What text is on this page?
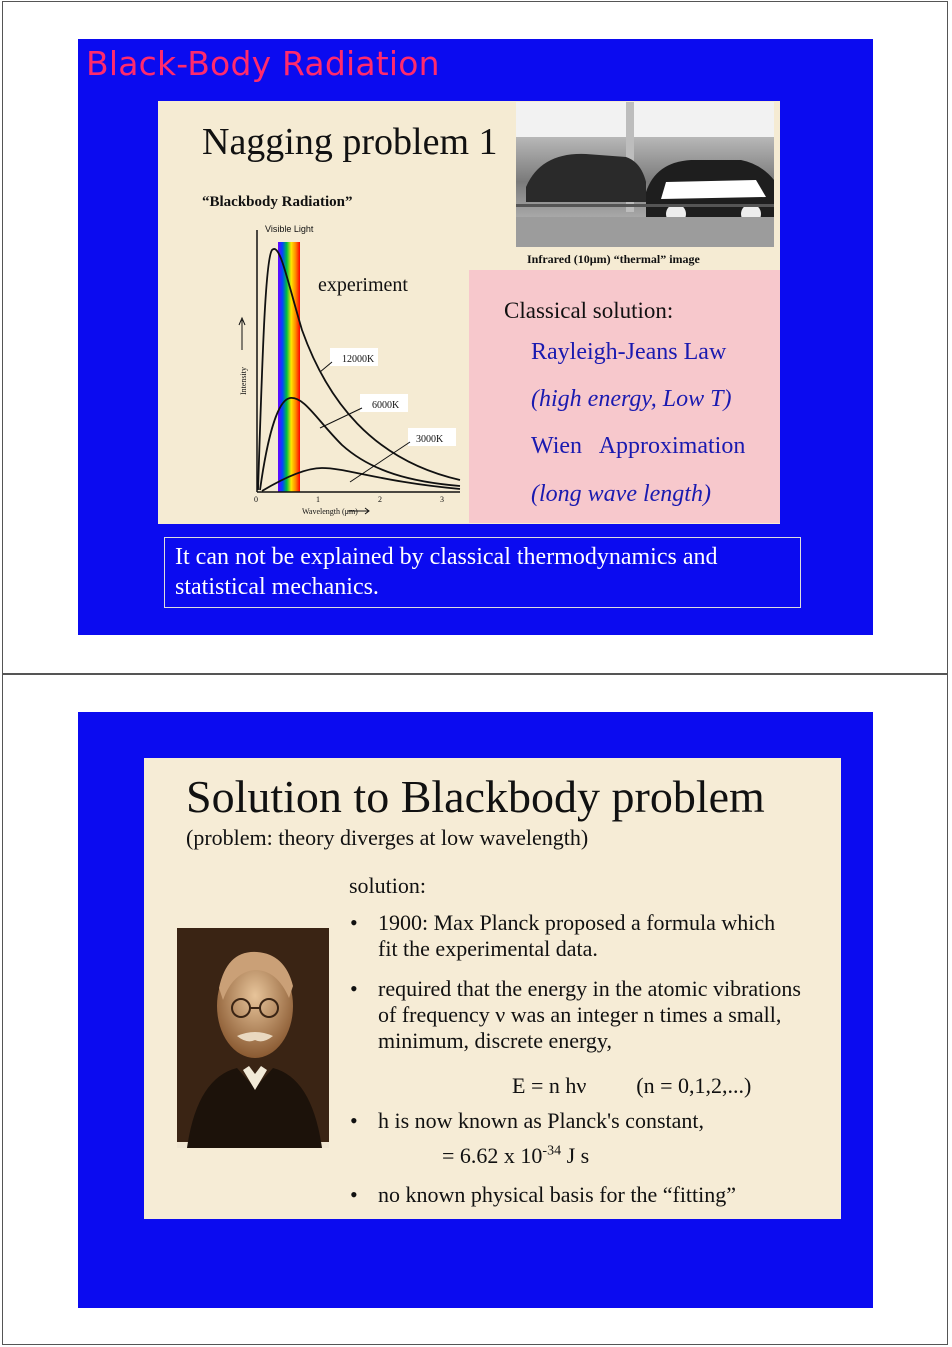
Black-Body Radiation
Nagging problem 1
“Blackbody Radiation”
Infrared (10μm) “thermal” image
12000K
6000K
3000K
Visible Light
Intensity
0	1	2	3
Wavelength (μm)
experiment
Classical solution:
Rayleigh-Jeans Law
(high energy, Low T)
Wien   Approximation
(long wave length)
It can not be explained by classical thermodynamics and statistical mechanics.
Solution to Blackbody problem
(problem: theory diverges at low wavelength)
solution:
• 1900: Max Planck proposed a formula which fit the experimental data.
• required that the energy in the atomic vibrations of frequency ν was an integer n times a small, minimum, discrete energy,
E = n hν (n = 0,1,2,...)
• h is now known as Planck's constant,
= 6.62 x $10^{-34}$ J s
• no known physical basis for the “fitting”
